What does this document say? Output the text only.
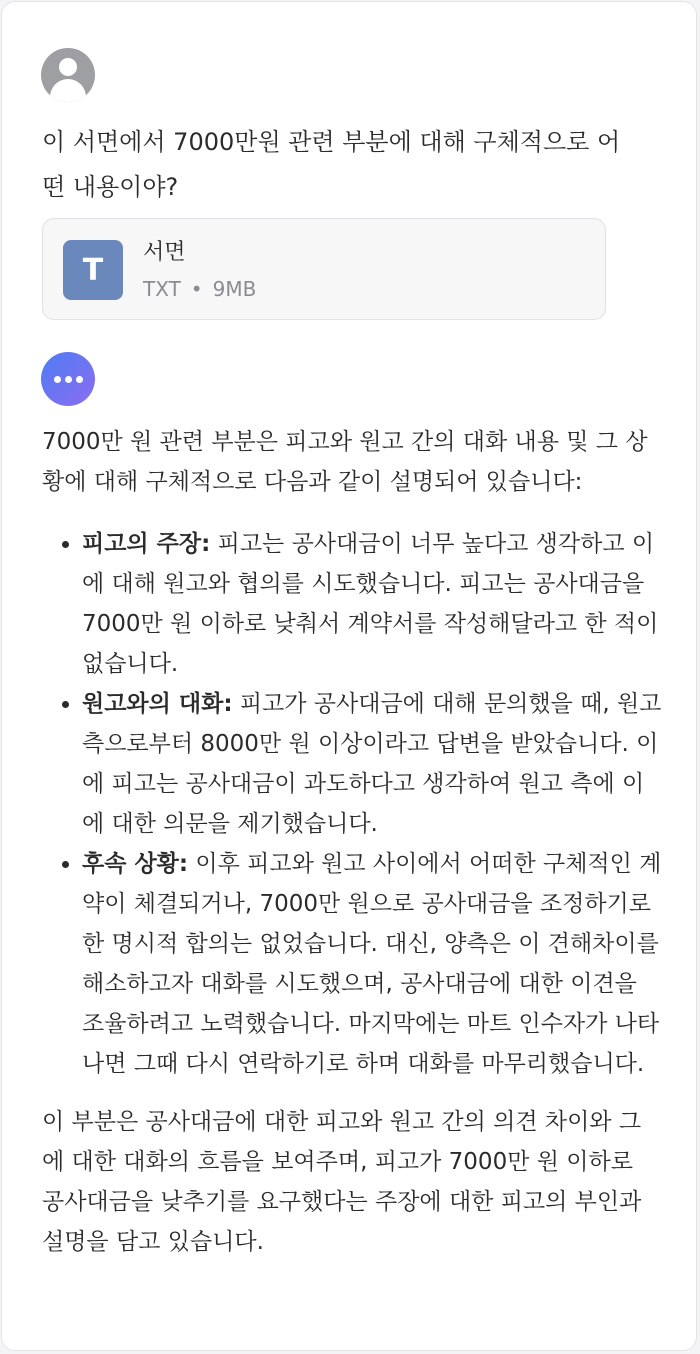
이 서면에서 7000만원 관련 부분에 대해 구체적으로 어떤 내용이야?

T	서면
TXT • 9MB

7000만 원 관련 부분은 피고와 원고 간의 대화 내용 및 그 상황에 대해 구체적으로 다음과 같이 설명되어 있습니다:

• 피고의 주장: 피고는 공사대금이 너무 높다고 생각하고 이에 대해 원고와 협의를 시도했습니다. 피고는 공사대금을 7000만 원 이하로 낮춰서 계약서를 작성해달라고 한 적이 없습니다.
• 원고와의 대화: 피고가 공사대금에 대해 문의했을 때, 원고 측으로부터 8000만 원 이상이라고 답변을 받았습니다. 이에 피고는 공사대금이 과도하다고 생각하여 원고 측에 이에 대한 의문을 제기했습니다.
• 후속 상황: 이후 피고와 원고 사이에서 어떠한 구체적인 계약이 체결되거나, 7000만 원으로 공사대금을 조정하기로 한 명시적 합의는 없었습니다. 대신, 양측은 이 견해차이를 해소하고자 대화를 시도했으며, 공사대금에 대한 이견을 조율하려고 노력했습니다. 마지막에는 마트 인수자가 나타나면 그때 다시 연락하기로 하며 대화를 마무리했습니다.

이 부분은 공사대금에 대한 피고와 원고 간의 의견 차이와 그에 대한 대화의 흐름을 보여주며, 피고가 7000만 원 이하로 공사대금을 낮추기를 요구했다는 주장에 대한 피고의 부인과 설명을 담고 있습니다.
